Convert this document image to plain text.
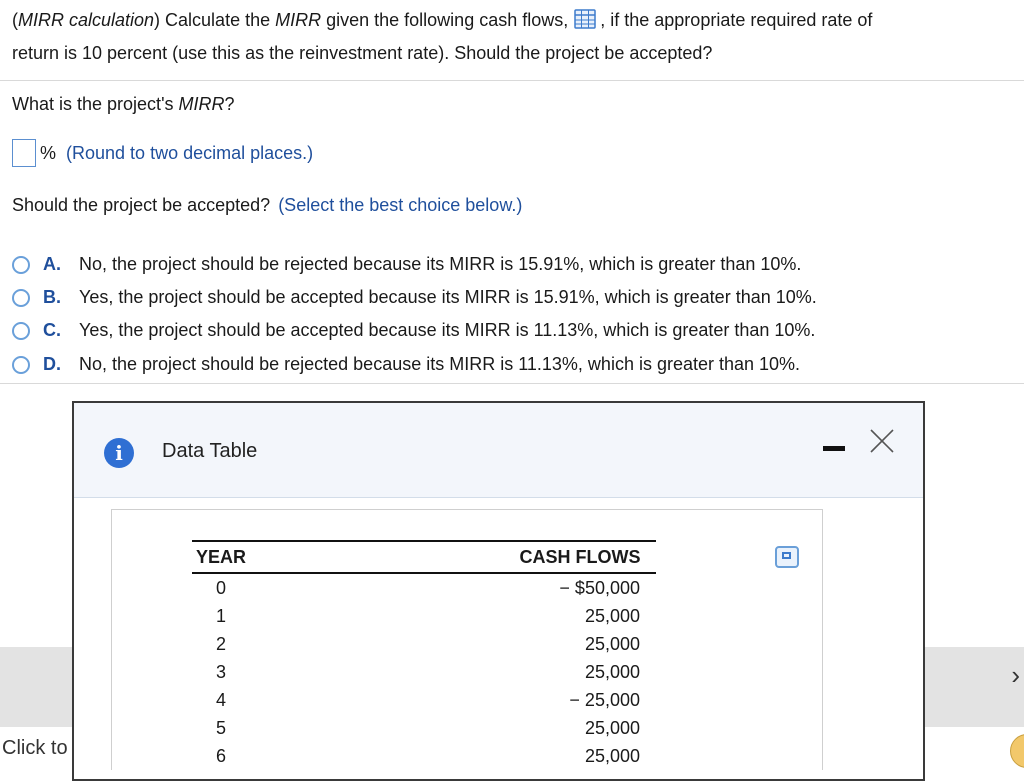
(MIRR calculation) Calculate the MIRR given the following cash flows, , if the appropriate required rate of
return is 10 percent (use this as the reinvestment rate). Should the project be accepted?
What is the project's MIRR?
% (Round to two decimal places.)
Should the project be accepted? (Select the best choice below.)
A.	No, the project should be rejected because its MIRR is 15.91%, which is greater than 10%.
B.	Yes, the project should be accepted because its MIRR is 15.91%, which is greater than 10%.
C.	Yes, the project should be accepted because its MIRR is 11.13%, which is greater than 10%.
D.	No, the project should be rejected because its MIRR is 11.13%, which is greater than 10%.
Click to
›
i	Data Table
YEAR		CASH FLOWS
0		− $50,000
1		25,000
2		25,000
3		25,000
4		− 25,000
5		25,000
6		25,000
